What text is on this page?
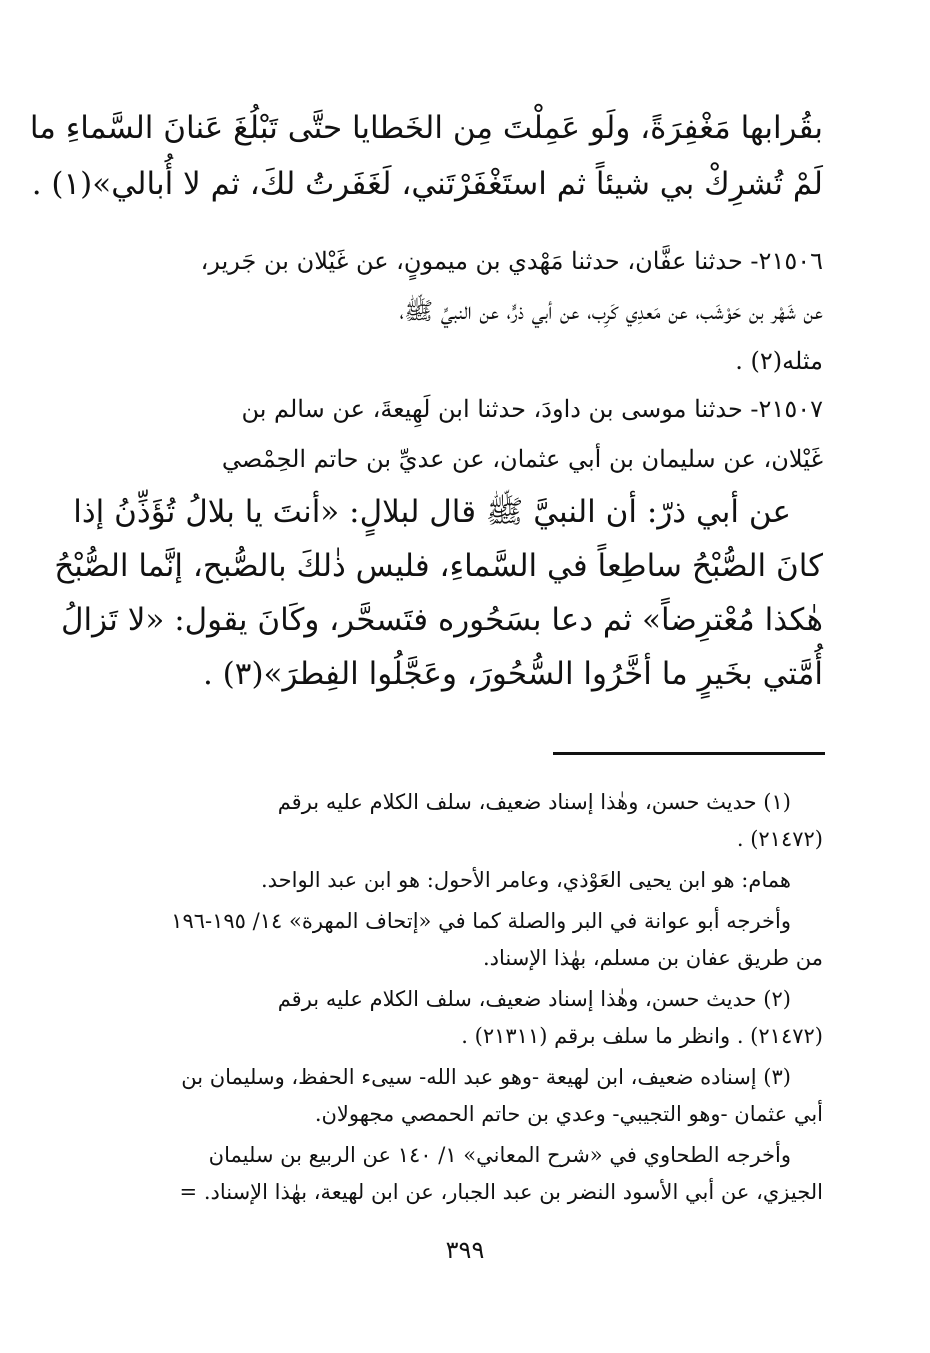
بقُرابها مَغْفِرَةً، ولَو عَمِلْتَ مِن الخَطايا حتَّى تَبْلُغَ عَنانَ السَّماءِ ما
لَمْ تُشرِكْ بي شيئاً ثم استَغْفَرْتَني، لَغَفَرتُ لكَ، ثم لا أُبالي»(١) .
٢١٥٠٦- حدثنا عفَّان، حدثنا مَهْدي بن ميمونٍ، عن غَيْلان بن جَرير،
عن شَهْر بن حَوْشَب، عن مَعدِي كَرِب، عن أبي ذرٍّ، عن النبيِّ ﷺ،
مثله(٢) .
٢١٥٠٧- حدثنا موسى بن داودَ، حدثنا ابن لَهِيعةَ، عن سالم بن
غَيْلان، عن سليمان بن أبي عثمان، عن عديِّ بن حاتم الحِمْصي
عن أبي ذرّ: أن النبيَّ ﷺ قال لبلالٍ: «أنتَ يا بلالُ تُؤَذِّنُ إذا
كانَ الصُّبْحُ ساطِعاً في السَّماءِ، فليس ذٰلكَ بالصُّبح، إنَّما الصُّبْحُ
هٰكذا مُعْترِضاً» ثم دعا بسَحُوره فتَسحَّر، وكَانَ يقول: «لا تَزالُ
أُمَّتي بخَيرٍ ما أخَّرُوا السُّحُورَ، وعَجَّلُوا الفِطرَ»(٣) .
(١) حديث حسن، وهٰذا إسناد ضعيف، سلف الكلام عليه برقم
(٢١٤٧٢) .
همام: هو ابن يحيى العَوْذي، وعامر الأحول: هو ابن عبد الواحد.
وأخرجه أبو عوانة في البر والصلة كما في «إتحاف المهرة» ١٤/ ١٩٥-١٩٦
من طريق عفان بن مسلم، بهٰذا الإسناد.
(٢) حديث حسن، وهٰذا إسناد ضعيف، سلف الكلام عليه برقم
(٢١٤٧٢) . وانظر ما سلف برقم (٢١٣١١) .
(٣) إسناده ضعيف، ابن لهيعة -وهو عبد الله- سيىء الحفظ، وسليمان بن
أبي عثمان -وهو التجيبي- وعدي بن حاتم الحمصي مجهولان.
وأخرجه الطحاوي في «شرح المعاني» ١/ ١٤٠ عن الربيع بن سليمان
الجيزي، عن أبي الأسود النضر بن عبد الجبار، عن ابن لهيعة، بهٰذا الإسناد. =
٣٩٩
